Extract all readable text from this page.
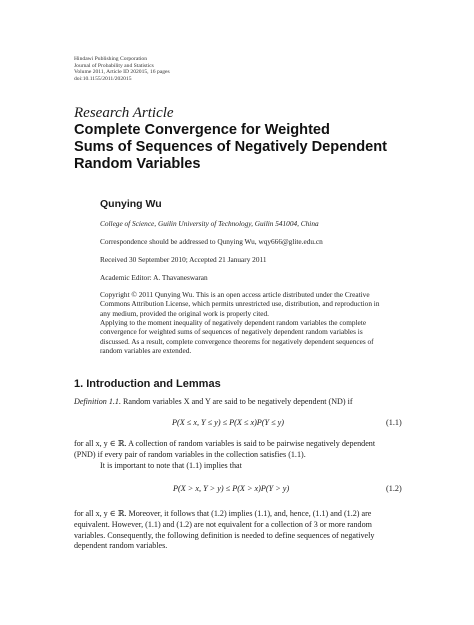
Hindawi Publishing Corporation
Journal of Probability and Statistics
Volume 2011, Article ID 202015, 16 pages
doi:10.1155/2011/202015
Research Article
Complete Convergence for Weighted
Sums of Sequences of Negatively Dependent
Random Variables
Qunying Wu
College of Science, Guilin University of Technology, Guilin 541004, China
Correspondence should be addressed to Qunying Wu, wqy666@glite.edu.cn
Received 30 September 2010; Accepted 21 January 2011
Academic Editor: A. Thavaneswaran
Copyright © 2011 Qunying Wu. This is an open access article distributed under the Creative
Commons Attribution License, which permits unrestricted use, distribution, and reproduction in
any medium, provided the original work is properly cited.
Applying to the moment inequality of negatively dependent random variables the complete
convergence for weighted sums of sequences of negatively dependent random variables is
discussed. As a result, complete convergence theorems for negatively dependent sequences of
random variables are extended.
1. Introduction and Lemmas
Definition 1.1. Random variables X and Y are said to be negatively dependent (ND) if
P(X ≤ x, Y ≤ y) ≤ P(X ≤ x)P(Y ≤ y)	(1.1)
for all x, y ∈ ℝ. A collection of random variables is said to be pairwise negatively dependent
(PND) if every pair of random variables in the collection satisfies (1.1).
It is important to note that (1.1) implies that
P(X > x, Y > y) ≤ P(X > x)P(Y > y)	(1.2)
for all x, y ∈ ℝ. Moreover, it follows that (1.2) implies (1.1), and, hence, (1.1) and (1.2) are
equivalent. However, (1.1) and (1.2) are not equivalent for a collection of 3 or more random
variables. Consequently, the following definition is needed to define sequences of negatively
dependent random variables.
